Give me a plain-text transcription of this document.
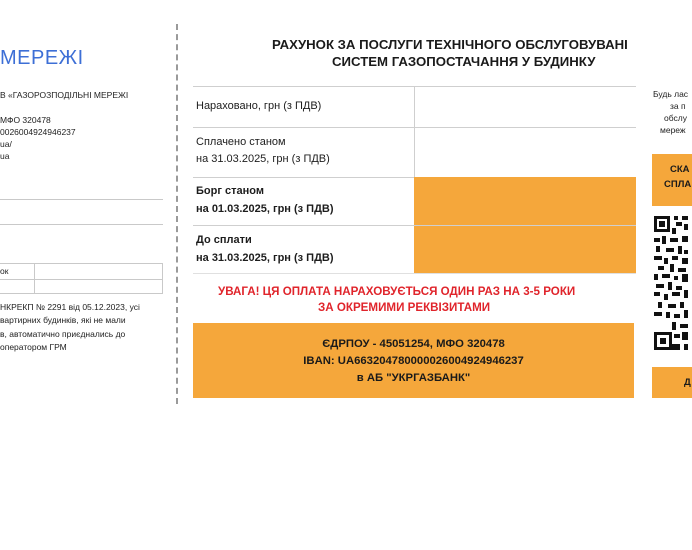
МЕРЕЖІ
В «ГАЗОРОЗПОДІЛЬНІ МЕРЕЖІ
МФО 320478
0026004924946237
ua/
ua
ок
НКРЕКП № 2291 від 05.12.2023, усі
вартирних будинків, які не мали
в, автоматично приєднались до
оператором ГРМ
РАХУНОК ЗА ПОСЛУГИ ТЕХНІЧНОГО ОБСЛУГОВУВАНІ
СИСТЕМ ГАЗОПОСТАЧАННЯ У БУДИНКУ
Нараховано, грн (з ПДВ)
Сплачено станом
на 31.03.2025, грн (з ПДВ)
Борг станом
на 01.03.2025, грн (з ПДВ)
До сплати
на 31.03.2025, грн (з ПДВ)
УВАГА! ЦЯ ОПЛАТА НАРАХОВУЄТЬСЯ ОДИН РАЗ НА 3-5 РОКИ
ЗА ОКРЕМИМИ РЕКВІЗИТАМИ
ЄДРПОУ - 45051254, МФО 320478
IBAN: UA663204780000026004924946237
в АБ "УКРГАЗБАНК"
Будь лас
за п
обслу
мереж
СКА
СПЛА
Д
